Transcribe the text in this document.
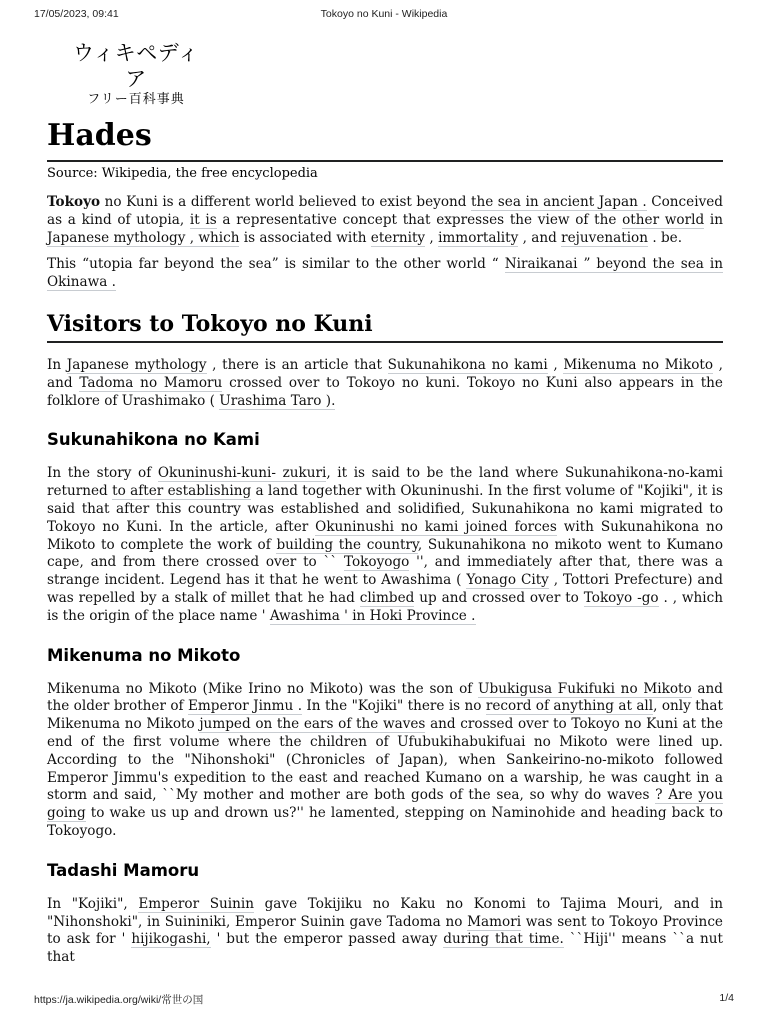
17/05/2023, 09:41	Tokoyo no Kuni - Wikipedia
ウィキペディア
フリー百科事典
Hades
Source: Wikipedia, the free encyclopedia

Tokoyo no Kuni is a different world believed to exist beyond the sea in ancient Japan . Conceived as a kind of utopia, it is a representative concept that expresses the view of the other world in Japanese mythology , which is associated with eternity , immortality , and rejuvenation . be.

This “utopia far beyond the sea” is similar to the other world “ Niraikanai ” beyond the sea in Okinawa .

Visitors to Tokoyo no Kuni

In Japanese mythology , there is an article that Sukunahikona no kami , Mikenuma no Mikoto , and Tadoma no Mamoru crossed over to Tokoyo no kuni. Tokoyo no Kuni also appears in the folklore of Urashimako ( Urashima Taro ).

Sukunahikona no Kami

In the story of Okuninushi-kuni- zukuri, it is said to be the land where Sukunahikona-no-kami returned to after establishing a land together with Okuninushi. In the first volume of "Kojiki", it is said that after this country was established and solidified, Sukunahikona no kami migrated to Tokoyo no Kuni. In the article, after Okuninushi no kami joined forces with Sukunahikona no Mikoto to complete the work of building the country, Sukunahikona no mikoto went to Kumano cape, and from there crossed over to `` Tokoyogo '', and immediately after that, there was a strange incident. Legend has it that he went to Awashima ( Yonago City , Tottori Prefecture) and was repelled by a stalk of millet that he had climbed up and crossed over to Tokoyo -go . , which is the origin of the place name ' Awashima ' in Hoki Province .

Mikenuma no Mikoto

Mikenuma no Mikoto (Mike Irino no Mikoto) was the son of Ubukigusa Fukifuki no Mikoto and the older brother of Emperor Jinmu . In the "Kojiki" there is no record of anything at all, only that Mikenuma no Mikoto jumped on the ears of the waves and crossed over to Tokoyo no Kuni at the end of the first volume where the children of Ufubukihabukifuai no Mikoto were lined up. According to the "Nihonshoki" (Chronicles of Japan), when Sankeirino-no-mikoto followed Emperor Jimmu's expedition to the east and reached Kumano on a warship, he was caught in a storm and said, ``My mother and mother are both gods of the sea, so why do waves ? Are you going to wake us up and drown us?'' he lamented, stepping on Naminohide and heading back to Tokoyogo.

Tadashi Mamoru

In "Kojiki", Emperor Suinin gave Tokijiku no Kaku no Konomi to Tajima Mouri, and in "Nihonshoki", in Suininiki, Emperor Suinin gave Tadoma no Mamori was sent to Tokoyo Province to ask for ' hijikogashi, ' but the emperor passed away during that time. ``Hiji'' means ``a nut that

https://ja.wikipedia.org/wiki/常世の国	1/4
